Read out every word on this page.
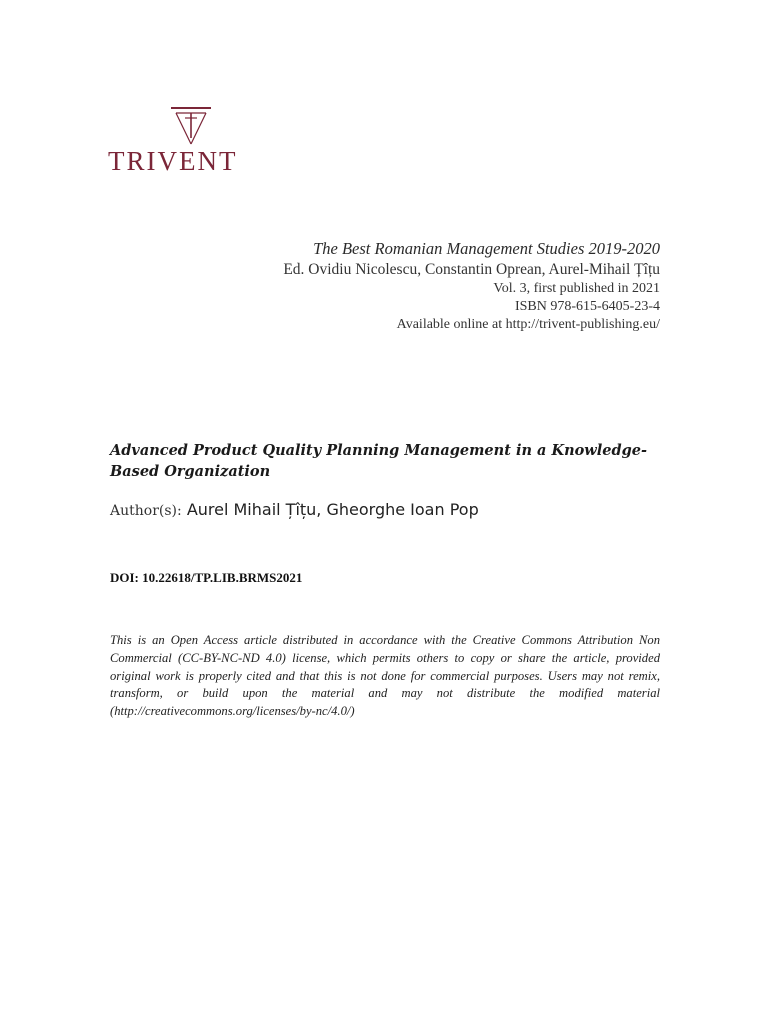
TRIVENT
The Best Romanian Management Studies 2019-2020
Ed. Ovidiu Nicolescu, Constantin Oprean, Aurel-Mihail Țîțu
Vol. 3, first published in 2021
ISBN 978-615-6405-23-4
Available online at http://trivent-publishing.eu/
Advanced Product Quality Planning Management in a Knowledge-Based Organization
Author(s): Aurel Mihail Țîțu, Gheorghe Ioan Pop
DOI: 10.22618/TP.LIB.BRMS2021
This is an Open Access article distributed in accordance with the Creative Commons Attribution Non Commercial (CC-BY-NC-ND 4.0) license, which permits others to copy or share the article, provided original work is properly cited and that this is not done for commercial purposes. Users may not remix, transform, or build upon the material and may not distribute the modified material (http://creativecommons.org/licenses/by-nc/4.0/)
